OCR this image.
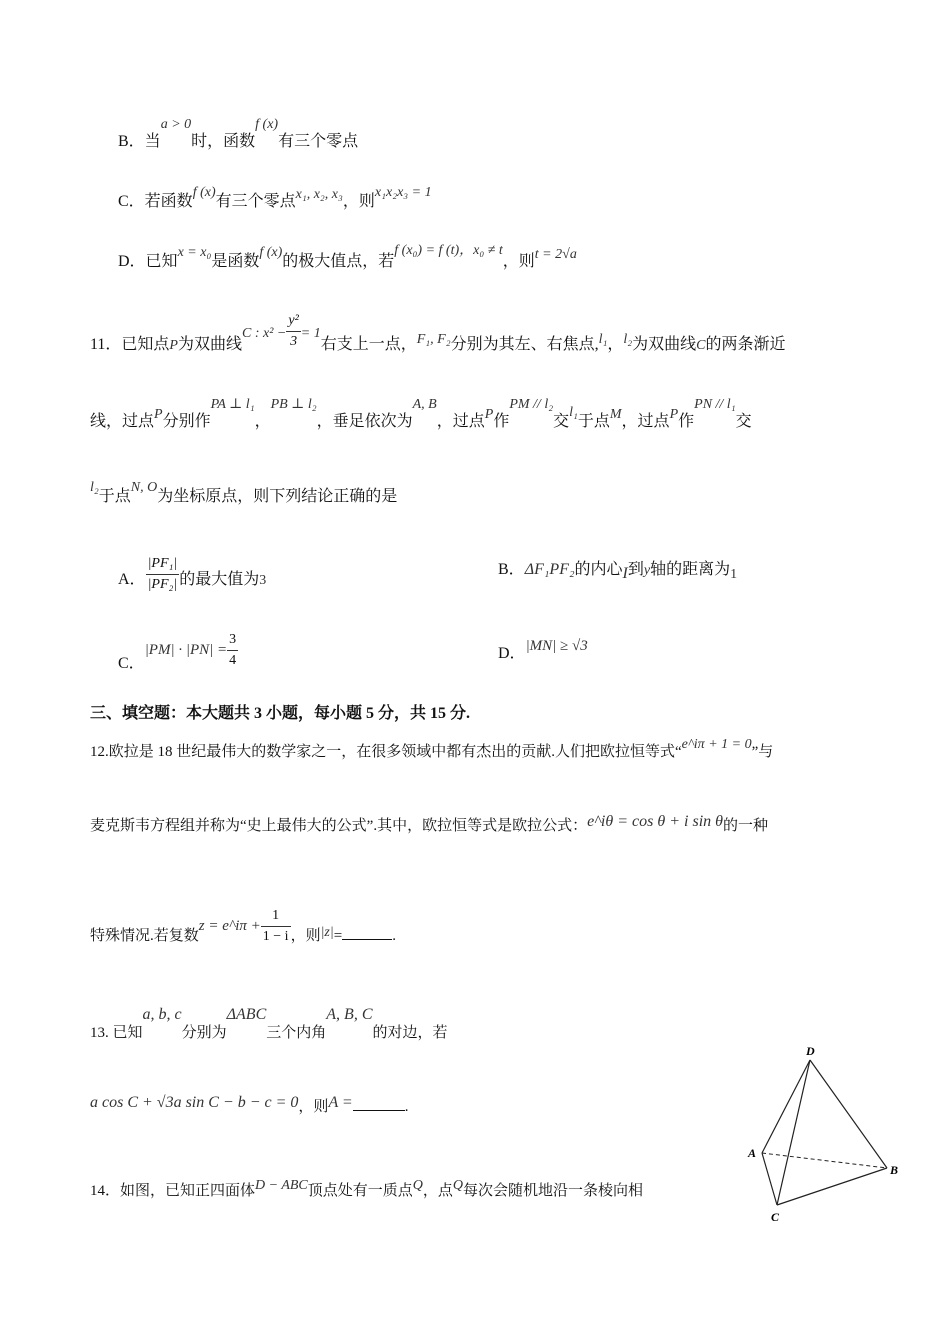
B．当a > 0时，函数f (x)有三个零点
C．若函数f (x)有三个零点x₁, x₂, x₃，则x₁x₂x₃ = 1
D．已知x = x₀是函数f (x)的极大值点，若f (x₀) = f (t)，x₀ ≠ t，则t = 2√a
11．已知点P为双曲线C : $x^2 - \frac{\text{y²}}{3} = 1$右支上一点，F₁, F₂分别为其左、右焦点,l₁，l₂为双曲线C的两条渐近
线，过点P分别作PA ⊥ l₁，PB ⊥ l₂，垂足依次为A, B，过点P作PM // l₂交l₁于点M，过点P作PN // l₁交
l₂于点N, O为坐标原点，则下列结论正确的是
A． $\frac{\text{|PF₁|}}{\text{|PF₂|}}$ 的最大值为3
B．ΔF₁PF₂的内心I到y轴的距离为1
C．$|PM| \cdot |PN| = \frac{3}{4}$	D．|MN| ≥ √3
三、填空题：本大题共 3 小题，每小题 5 分，共 15 分.
12.欧拉是 18 世纪最伟大的数学家之一，在很多领域中都有杰出的贡献.人们把欧拉恒等式“e^iπ + 1 = 0”与
麦克斯韦方程组并称为“史上最伟大的公式”.其中，欧拉恒等式是欧拉公式：e^iθ = cos θ + i sin θ的一种
特殊情况.若复数z = e^iπ + $\frac{1}{1 - i}$ ，则|z|=	.
13. 已知a, b, c分别为ΔABC三个内角A, B, C的对边，若
a cos C + √3a sin C − b − c = 0，则A =	.
14．如图，已知正四面体D − ABC顶点处有一质点Q，点Q每次会随机地沿一条棱向相
D
A
B
C
